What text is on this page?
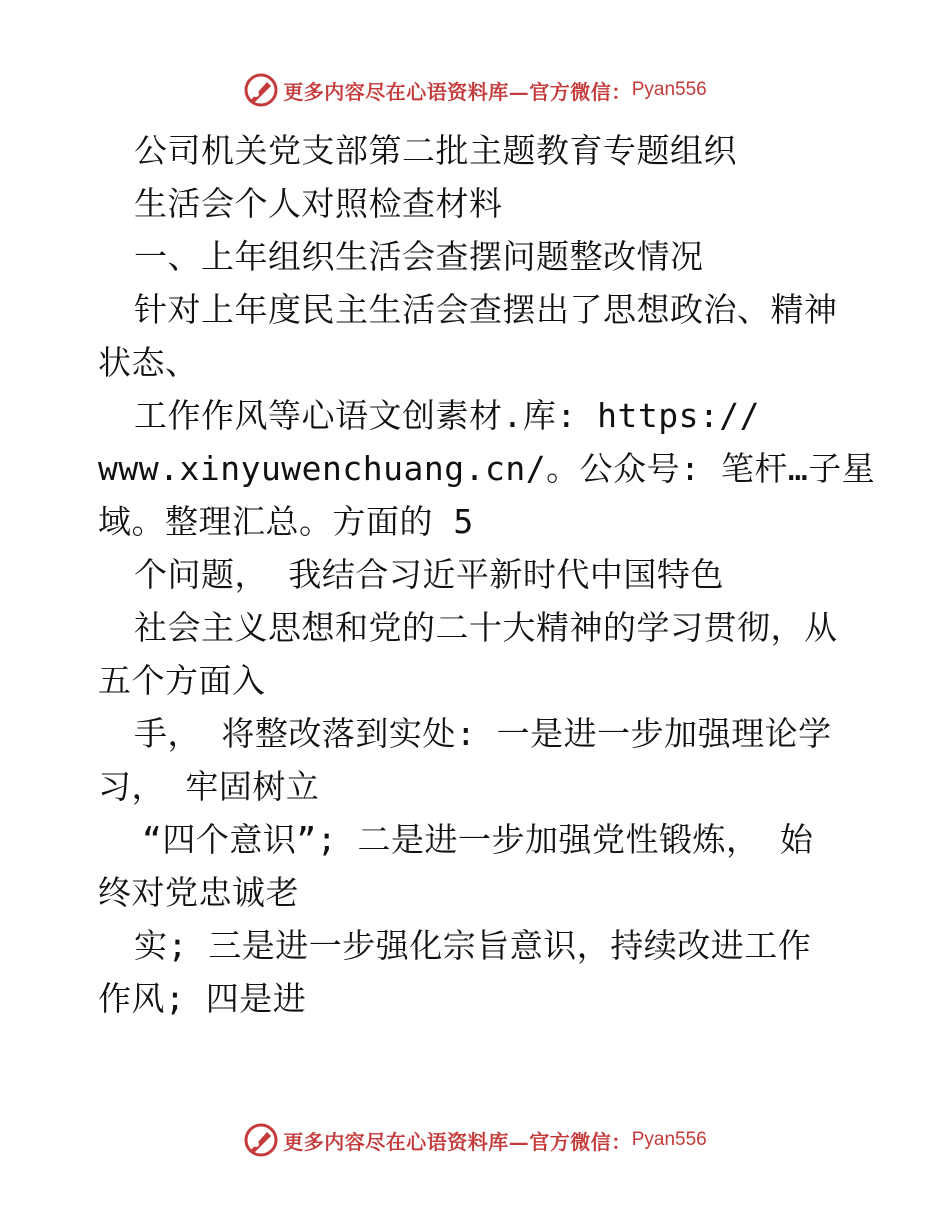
更多内容尽在心语资料库—官方微信： Pyan556
公司机关党支部第二批主题教育专题组织
生活会个人对照检查材料
一、上年组织生活会查摆问题整改情况
针对上年度民主生活会查摆出了思想政治、精神
状态、
工作作风等心语文创素材.库: https://
www.xinyuwenchuang.cn/。公众号: 笔杆…子星
域。整理汇总。方面的 5
个问题， 我结合习近平新时代中国特色
社会主义思想和党的二十大精神的学习贯彻，从
五个方面入
手， 将整改落到实处: 一是进一步加强理论学
习， 牢固树立
“四个意识”; 二是进一步加强党性锻炼， 始
终对党忠诚老
实; 三是进一步强化宗旨意识，持续改进工作
作风; 四是进
更多内容尽在心语资料库—官方微信： Pyan556
